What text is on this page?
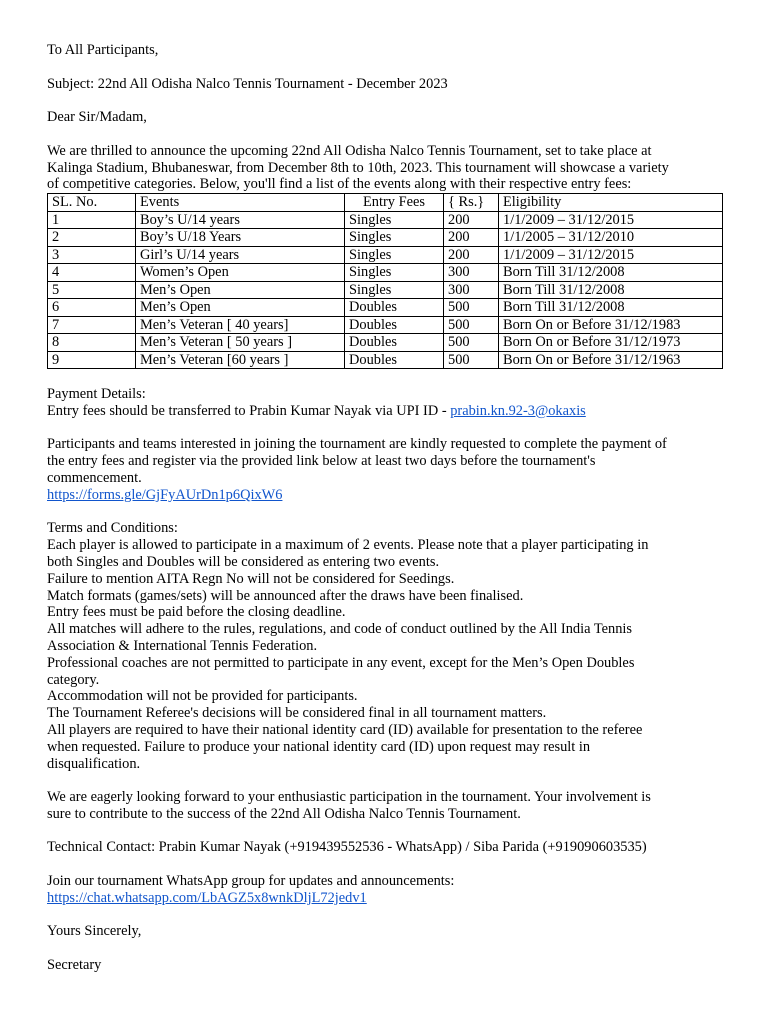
To All Participants,

Subject: 22nd All Odisha Nalco Tennis Tournament - December 2023

Dear Sir/Madam,

We are thrilled to announce the upcoming 22nd All Odisha Nalco Tennis Tournament, set to take place at
Kalinga Stadium, Bhubaneswar, from December 8th to 10th, 2023. This tournament will showcase a variety
of competitive categories. Below, you'll find a list of the events along with their respective entry fees:

SL. No.	Events	Entry Fees	{ Rs.}	Eligibility
1	Boy’s U/14 years	Singles	200	1/1/2009 – 31/12/2015
2	Boy’s U/18 Years	Singles	200	1/1/2005 – 31/12/2010
3	Girl’s U/14 years	Singles	200	1/1/2009 – 31/12/2015
4	Women’s Open	Singles	300	Born Till 31/12/2008
5	Men’s Open	Singles	300	Born Till 31/12/2008
6	Men’s Open	Doubles	500	Born Till 31/12/2008
7	Men’s Veteran [ 40 years]	Doubles	500	Born On or Before 31/12/1983
8	Men’s Veteran [ 50 years ]	Doubles	500	Born On or Before 31/12/1973
9	Men’s Veteran [60 years ]	Doubles	500	Born On or Before 31/12/1963

Payment Details:

Entry fees should be transferred to Prabin Kumar Nayak via UPI ID - prabin.kn.92-3@okaxis

Participants and teams interested in joining the tournament are kindly requested to complete the payment of
the entry fees and register via the provided link below at least two days before the tournament's
commencement.
https://forms.gle/GjFyAUrDn1p6QixW6

Terms and Conditions:

Each player is allowed to participate in a maximum of 2 events. Please note that a player participating in
both Singles and Doubles will be considered as entering two events.
Failure to mention AITA Regn No will not be considered for Seedings.
Match formats (games/sets) will be announced after the draws have been finalised.
Entry fees must be paid before the closing deadline.
All matches will adhere to the rules, regulations, and code of conduct outlined by the All India Tennis
Association & International Tennis Federation.
Professional coaches are not permitted to participate in any event, except for the Men’s Open Doubles
category.
Accommodation will not be provided for participants.
The Tournament Referee's decisions will be considered final in all tournament matters.
All players are required to have their national identity card (ID) available for presentation to the referee
when requested. Failure to produce your national identity card (ID) upon request may result in
disqualification.

We are eagerly looking forward to your enthusiastic participation in the tournament. Your involvement is
sure to contribute to the success of the 22nd All Odisha Nalco Tennis Tournament.

Technical Contact: Prabin Kumar Nayak (+919439552536 - WhatsApp) / Siba Parida (+919090603535)

Join our tournament WhatsApp group for updates and announcements:

https://chat.whatsapp.com/LbAGZ5x8wnkDljL72jedv1

Yours Sincerely,

Secretary
